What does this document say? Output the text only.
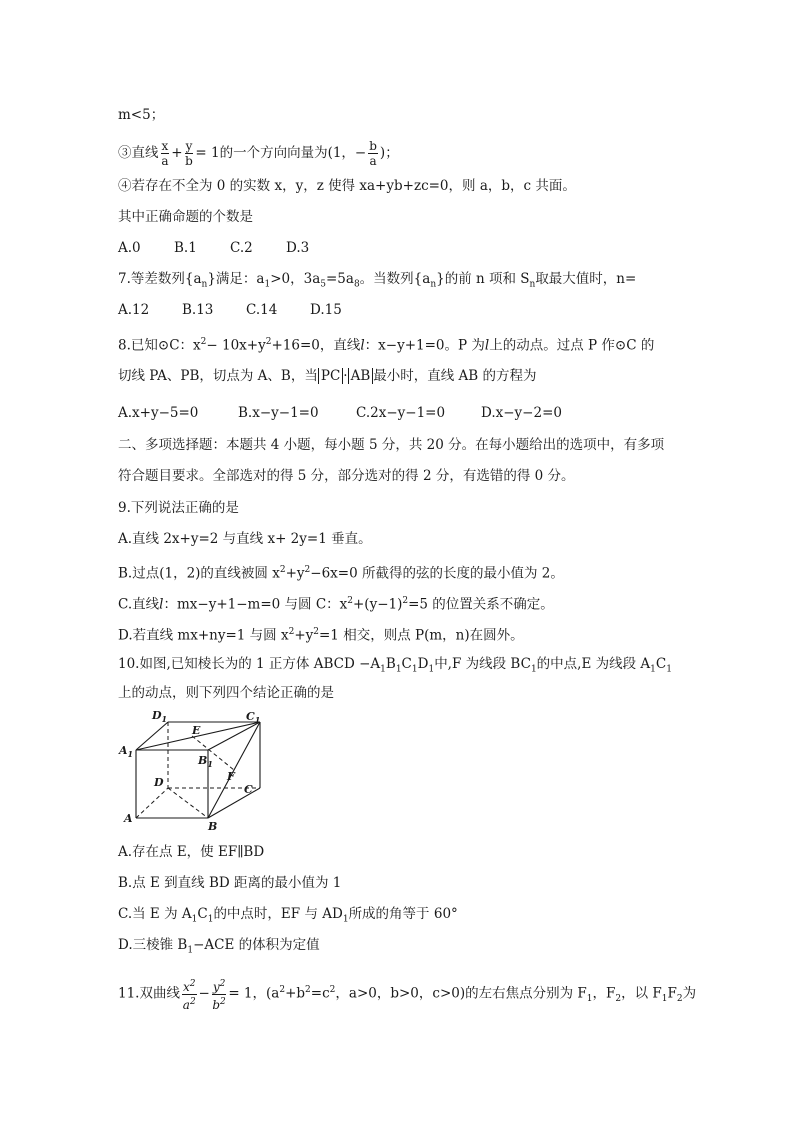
m<5；
③直线 $\frac{x}{a} + \frac{y}{b} = 1$的一个方向向量为(1，− $\frac{b}{a}$ )；
④若存在不全为 0 的实数 x，y，z 使得 xa+yb+zc=0，则 a，b，c 共面。
其中正确命题的个数是
A.0 B.1 C.2 D.3
7.等差数列$\{a_n\}$满足：$a_1>0$，$3a_5=5a_8$。当数列$\{a_n\}$的前 n 项和 $S_n$取最大值时，n=
A.12 B.13 C.14 D.15
8.已知⊙C：$x^2- 10x+y^2+16=0$，直线l：x−y+1=0。P 为l上的动点。过点 P 作⊙C 的
切线 PA、PB，切点为 A、B，当 PC · AB 最小时，直线 AB 的方程为
A.x+y−5=0	B.x−y−1=0	C.2x−y−1=0	D.x−y−2=0
二、多项选择题：本题共 4 小题，每小题 5 分，共 20 分。在每小题给出的选项中，有多项
符合题目要求。全部选对的得 5 分，部分选对的得 2 分，有选错的得 0 分。
9.下列说法正确的是
A.直线 2x+y=2 与直线 x+ 2y=1 垂直。
B.过点(1，2)的直线被圆 $x^2+y^2-6x=0$ 所截得的弦的长度的最小值为 2。
C.直线l：mx−y+1−m=0 与圆 C：$x^2+(y-1)^2=5$ 的位置关系不确定。
D.若直线 mx+ny=1 与圆 $x^2+y^2=1$ 相交，则点 P(m，n)在圆外。
10.如图,已知棱长为的 1 正方体 ABCD $-A_1B_1C_1D_1$中,F 为线段 $BC_1$的中点,E 为线段 $A_1C_1$
上的动点，则下列四个结论正确的是
$D_1$	$C_1$
$A_1$
E
$B_1$
F
D
C
A
B
A.存在点 E，使 EF∥BD
B.点 E 到直线 BD 距离的最小值为 1
C.当 E 为 $A_1C_1$的中点时，EF 与 $AD_1$所成的角等于 60°
D.三棱锥 $B_1-ACE$ 的体积为定值
11.双曲线 $\frac{x^2}{a^2} - \frac{y^2}{b^2} = 1$，($a^2+b^2=c^2$，a>0，b>0，c>0)的左右焦点分别为 $F_1$，$F_2$，以 $F_1F_2$为
